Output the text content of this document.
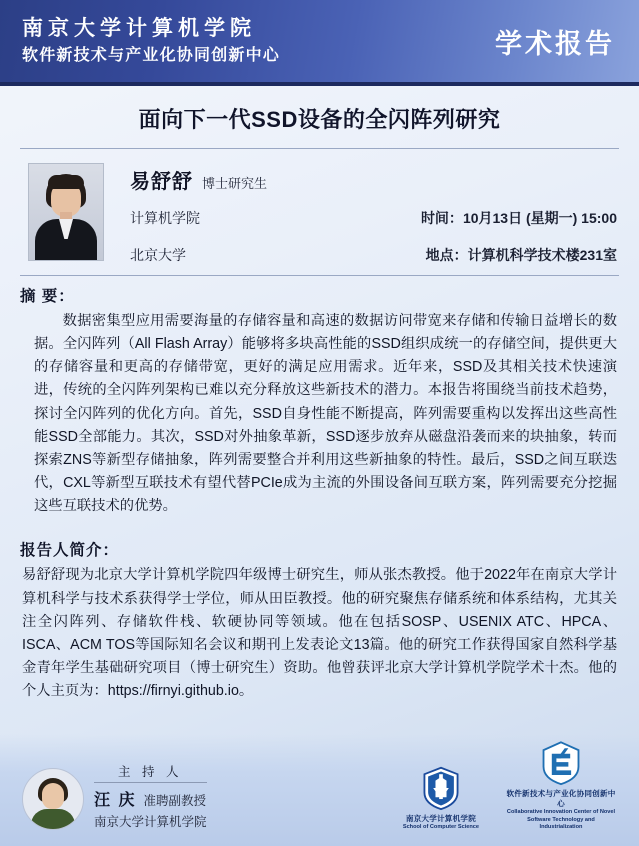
南京大学计算机学院
软件新技术与产业化协同创新中心	学术报告
面向下一代SSD设备的全闪阵列研究
易舒舒 博士研究生
计算机学院	时间：10月13日 (星期一) 15:00
北京大学	地点：计算机科学技术楼231室
摘 要：
数据密集型应用需要海量的存储容量和高速的数据访问带宽来存储和传输日益增长的数据。全闪阵列（All Flash Array）能够将多块高性能的SSD组织成统一的存储空间，提供更大的存储容量和更高的存储带宽，更好的满足应用需求。近年来，SSD及其相关技术快速演进，传统的全闪阵列架构已难以充分释放这些新技术的潜力。本报告将围绕当前技术趋势，探讨全闪阵列的优化方向。首先，SSD自身性能不断提高，阵列需要重构以发挥出这些高性能SSD全部能力。其次，SSD对外抽象革新，SSD逐步放弃从磁盘沿袭而来的块抽象，转而探索ZNS等新型存储抽象，阵列需要整合并利用这些新抽象的特性。最后，SSD之间互联迭代，CXL等新型互联技术有望代替PCIe成为主流的外围设备间互联方案，阵列需要充分挖掘这些互联技术的优势。
报告人简介：
易舒舒现为北京大学计算机学院四年级博士研究生，师从张杰教授。他于2022年在南京大学计算机科学与技术系获得学士学位，师从田臣教授。他的研究聚焦存储系统和体系结构，尤其关注全闪阵列、存储软件栈、软硬协同等领域。他在包括SOSP、USENIX ATC、HPCA、ISCA、ACM TOS等国际知名会议和期刊上发表论文13篇。他的研究工作获得国家自然科学基金青年学生基础研究项目（博士研究生）资助。他曾获评北京大学计算机学院学术十杰。他的个人主页为：https://firnyi.github.io。
主 持 人
汪 庆 准聘副教授
南京大学计算机学院	南京大学计算机学院
School of Computer Science
软件新技术与产业化协同创新中心
Collaborative Innovation Center of Novel Software Technology and Industrialization
